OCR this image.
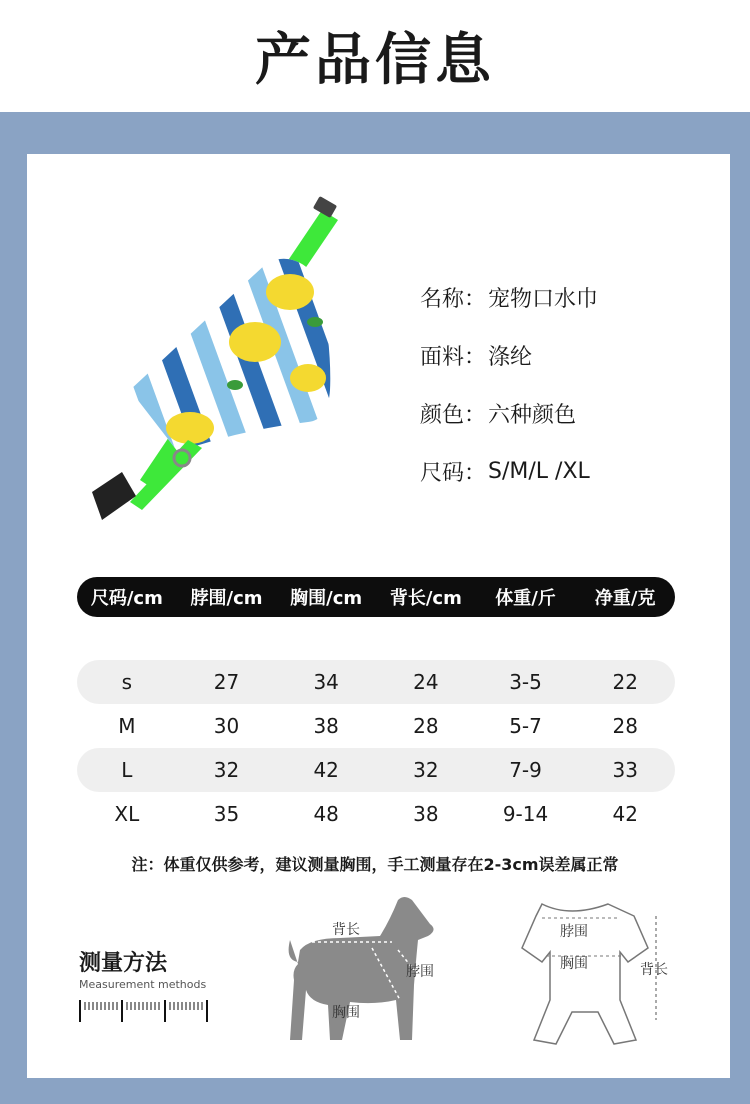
产品信息
名称： 宠物口水巾
面料： 涤纶
颜色： 六种颜色
尺码： S/M/L /XL
尺码/cm	脖围/cm	胸围/cm	背长/cm	体重/斤	净重/克
s	27	34	24	3-5	22
M	30	38	28	5-7	28
L	32	42	32	7-9	33
XL	35	48	38	9-14	42
注：体重仅供参考，建议测量胸围，手工测量存在2-3cm误差属正常
测量方法
Measurement methods
背长
脖围
胸围
脖围
胸围	背长
